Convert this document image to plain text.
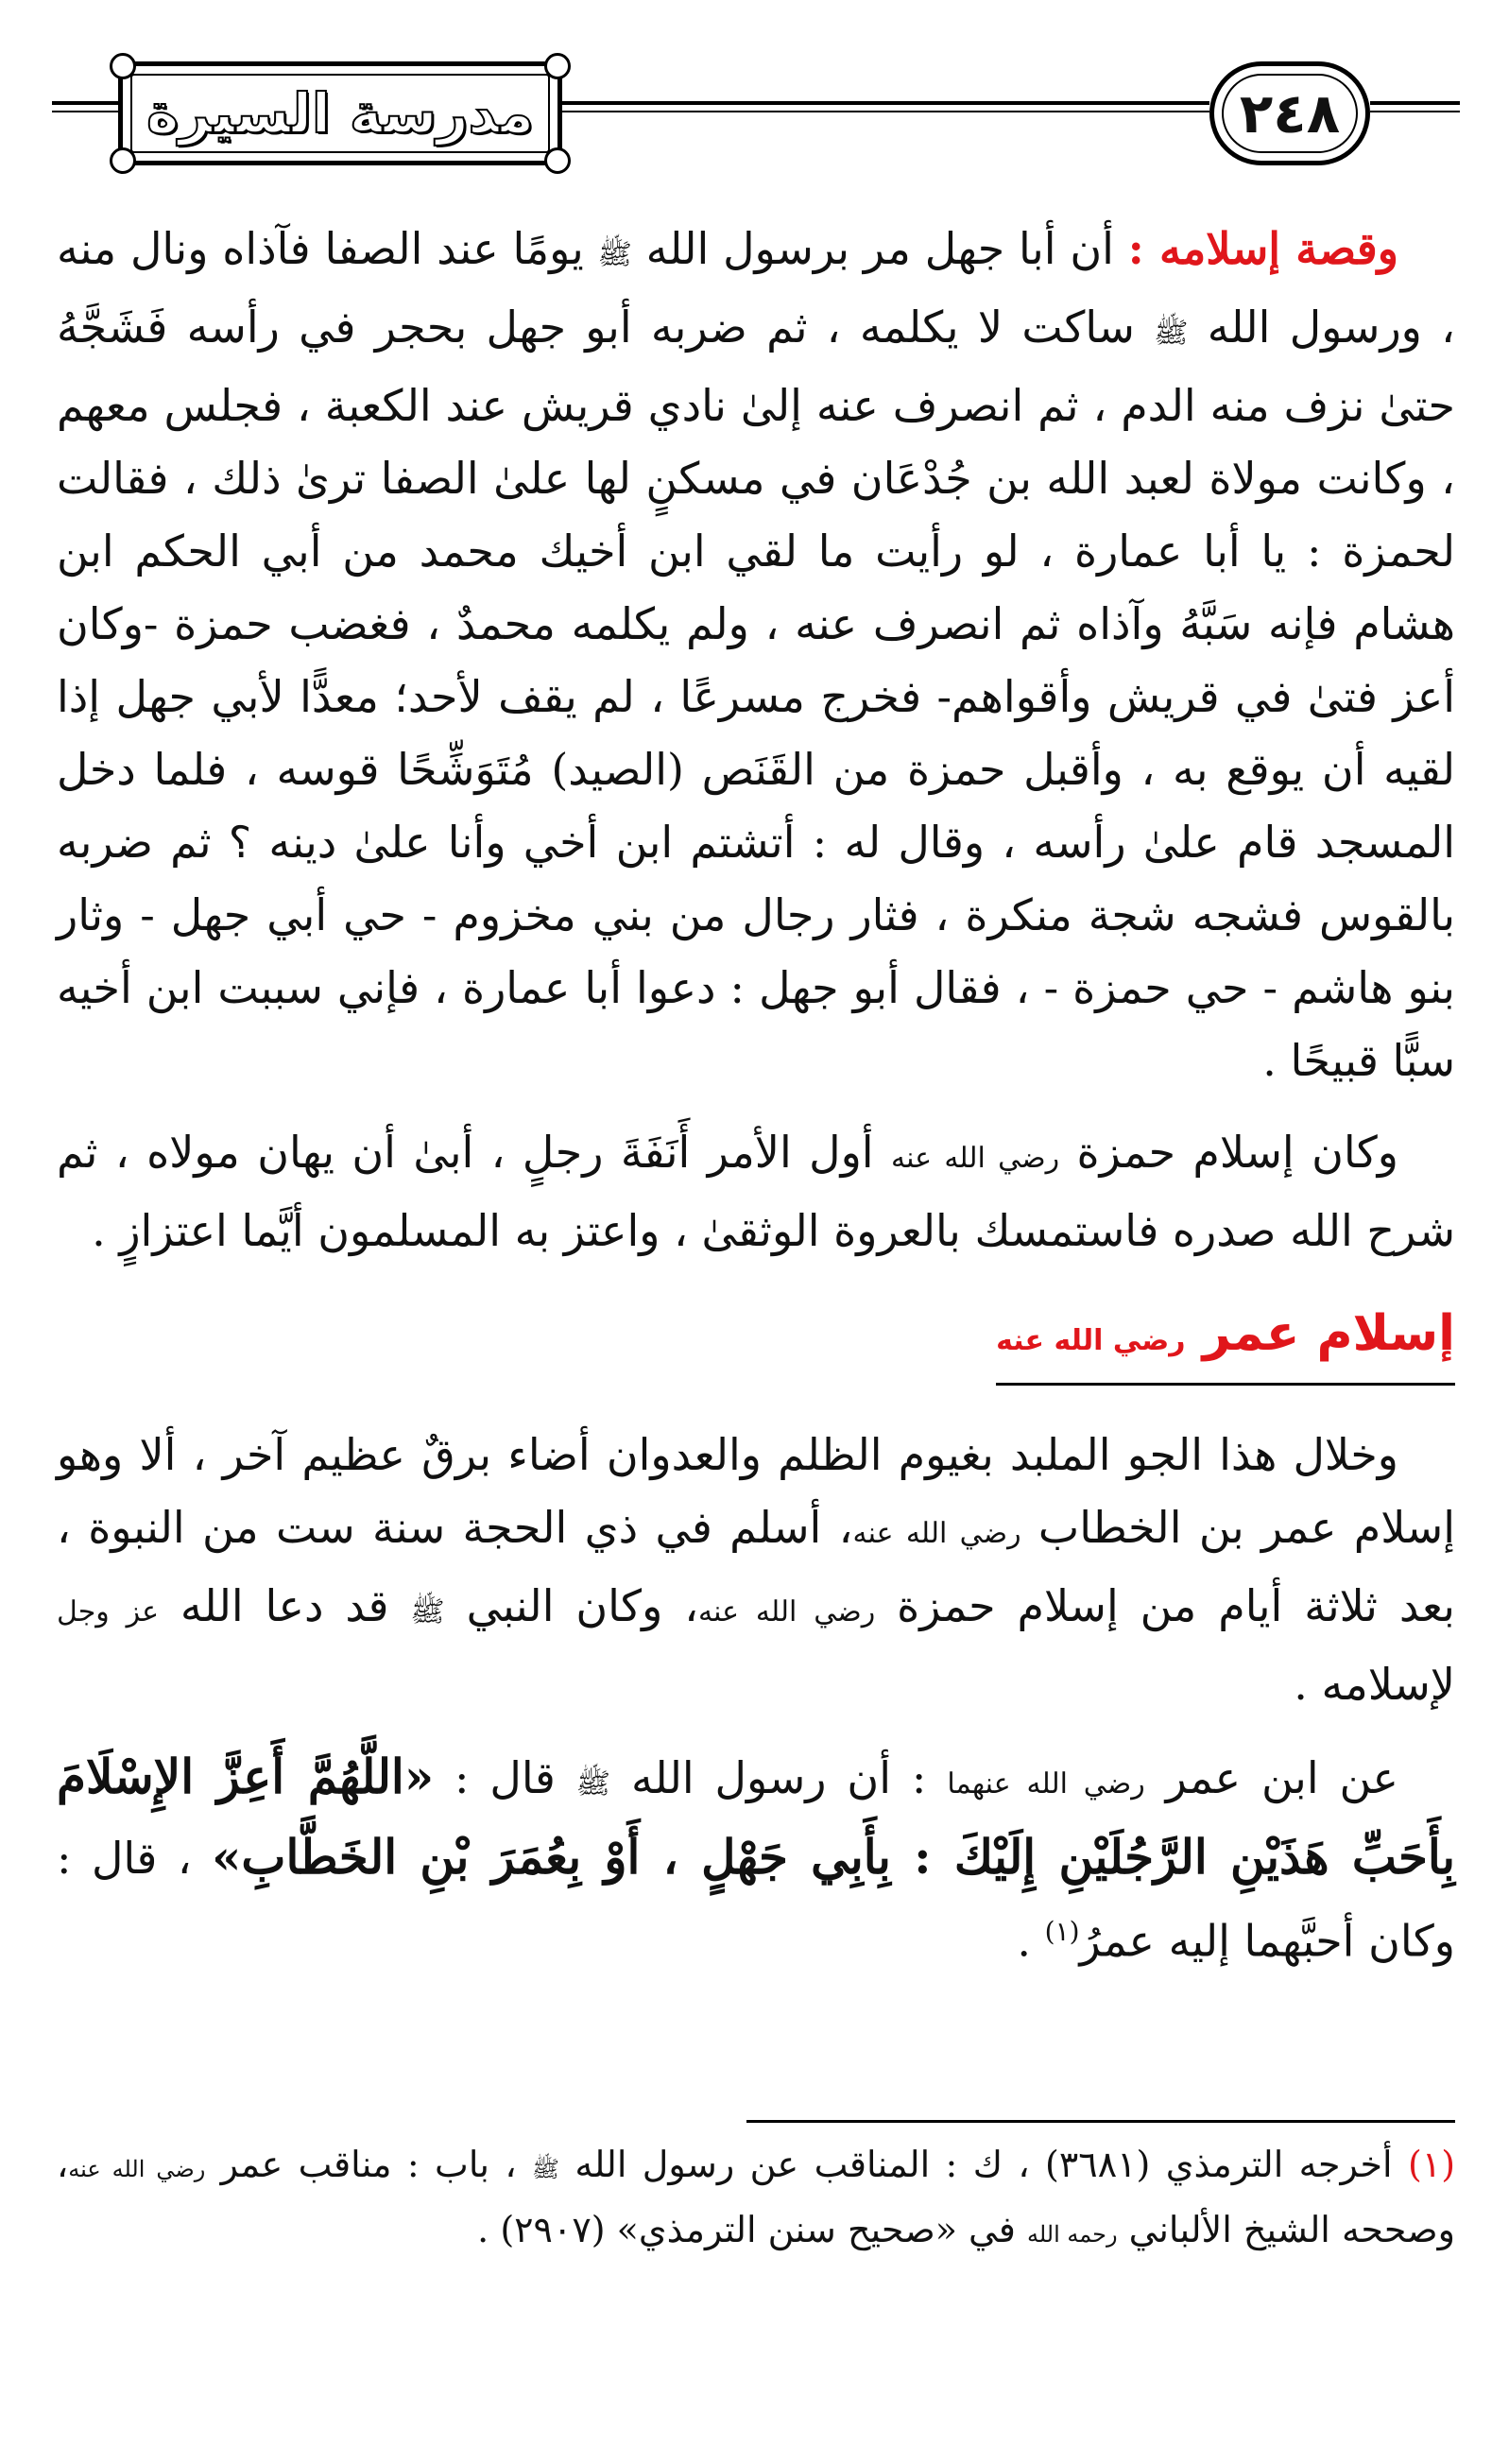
مدرسة السيرة	٢٤٨

وقصة إسلامه : أن أبا جهل مر برسول الله ﷺ يومًا عند الصفا فآذاه ونال منه ، ورسول الله ﷺ ساكت لا يكلمه ، ثم ضربه أبو جهل بحجر في رأسه فَشَجَّهُ حتىٰ نزف منه الدم ، ثم انصرف عنه إلىٰ نادي قريش عند الكعبة ، فجلس معهم ، وكانت مولاة لعبد الله بن جُدْعَان في مسكنٍ لها علىٰ الصفا ترىٰ ذلك ، فقالت لحمزة : يا أبا عمارة ، لو رأيت ما لقي ابن أخيك محمد من أبي الحكم ابن هشام فإنه سَبَّهُ وآذاه ثم انصرف عنه ، ولم يكلمه محمدٌ ، فغضب حمزة -وكان أعز فتىٰ في قريش وأقواهم- فخرج مسرعًا ، لم يقف لأحد؛ معدًّا لأبي جهل إذا لقيه أن يوقع به ، وأقبل حمزة من القَنَص (الصيد) مُتَوَشِّحًا قوسه ، فلما دخل المسجد قام علىٰ رأسه ، وقال له : أتشتم ابن أخي وأنا علىٰ دينه ؟ ثم ضربه بالقوس فشجه شجة منكرة ، فثار رجال من بني مخزوم - حي أبي جهل - وثار بنو هاشم - حي حمزة - ، فقال أبو جهل : دعوا أبا عمارة ، فإني سببت ابن أخيه سبًّا قبيحًا .

وكان إسلام حمزة رضي الله عنه أول الأمر أَنَفَةَ رجلٍ ، أبىٰ أن يهان مولاه ، ثم شرح الله صدره فاستمسك بالعروة الوثقىٰ ، واعتز به المسلمون أيَّما اعتزازٍ .

إسلام عمر رضي الله عنه

وخلال هذا الجو الملبد بغيوم الظلم والعدوان أضاء برقٌ عظيم آخر ، ألا وهو إسلام عمر بن الخطاب رضي الله عنه، أسلم في ذي الحجة سنة ست من النبوة ، بعد ثلاثة أيام من إسلام حمزة رضي الله عنه، وكان النبي ﷺ قد دعا الله عز وجل لإسلامه .

عن ابن عمر رضي الله عنهما : أن رسول الله ﷺ قال : «اللَّهُمَّ أَعِزَّ الإِسْلَامَ بِأَحَبِّ هَذَيْنِ الرَّجُلَيْنِ إِلَيْكَ : بِأَبِي جَهْلٍ ، أَوْ بِعُمَرَ بْنِ الخَطَّابِ» ، قال : وكان أحبَّهما إليه عمرُ$^{(١)}$ .

(١) أخرجه الترمذي (٣٦٨١) ، ك : المناقب عن رسول الله ﷺ ، باب : مناقب عمر رضي الله عنه، وصححه الشيخ الألباني رحمه الله في «صحيح سنن الترمذي» (٢٩٠٧) .
